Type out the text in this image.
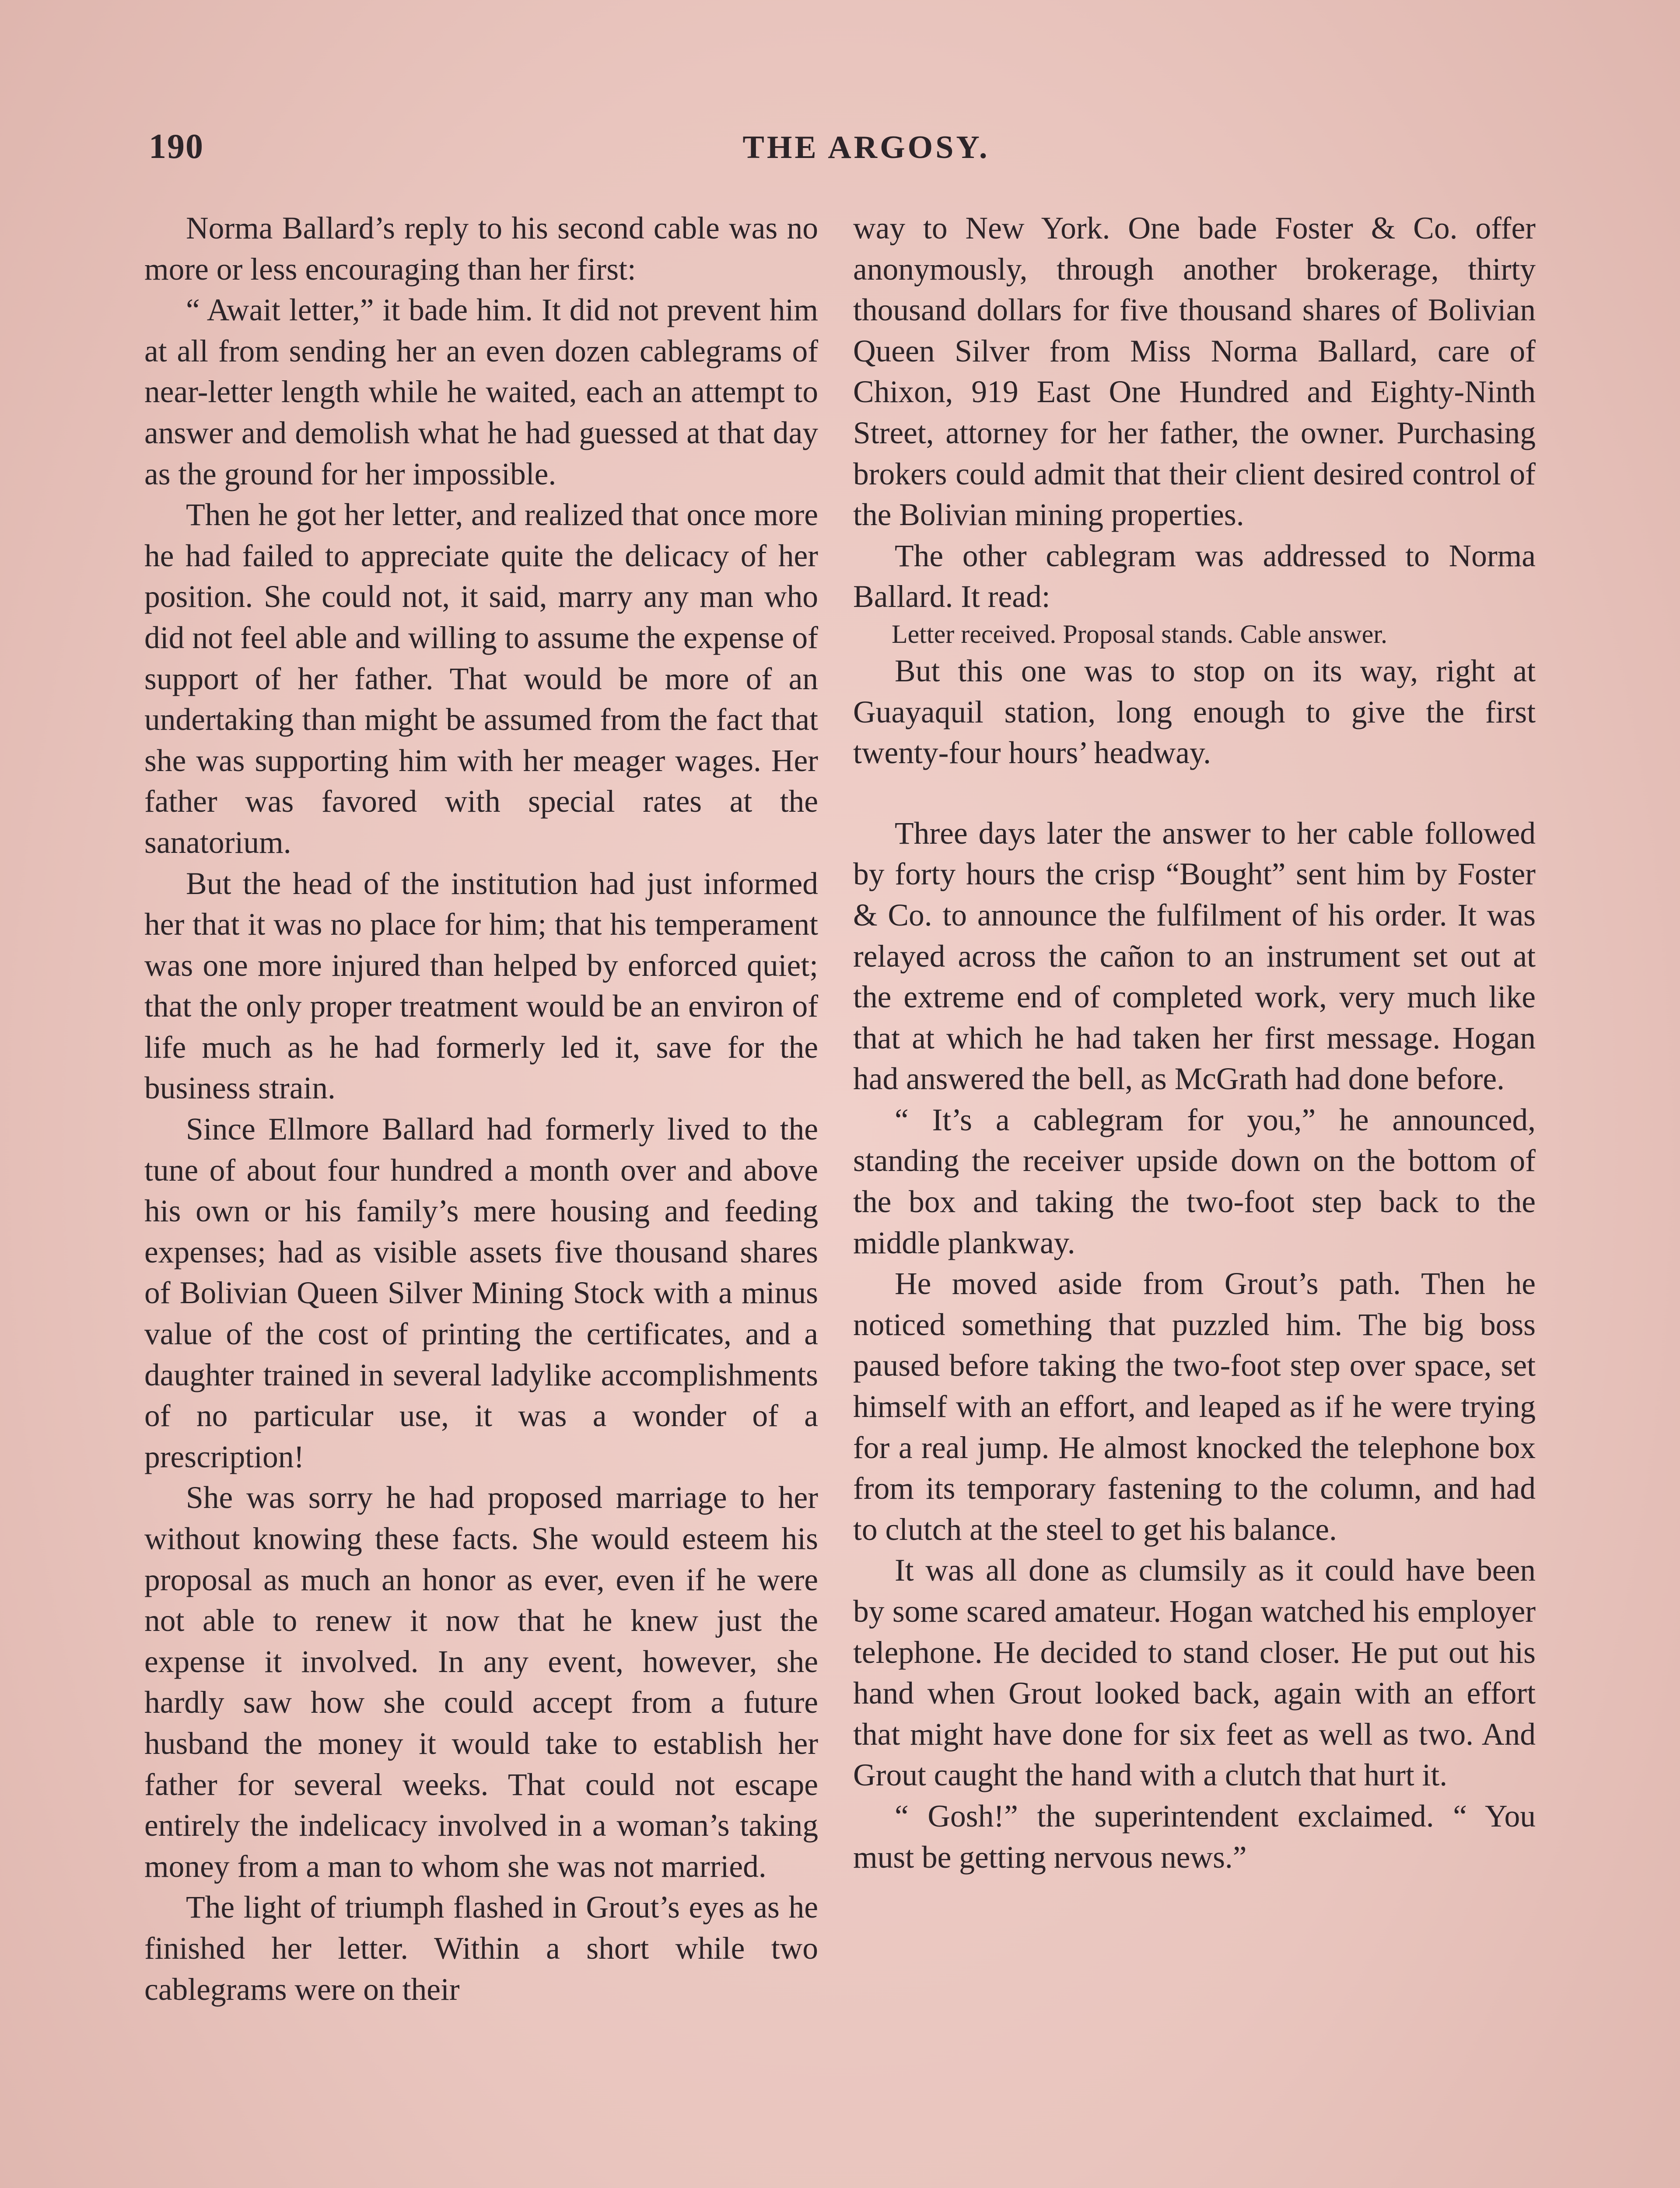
190	THE ARGOSY.

Norma Ballard’s reply to his second cable was no more or less encouraging than her first:

“ Await letter,” it bade him. It did not prevent him at all from sending her an even dozen cablegrams of near-letter length while he waited, each an attempt to answer and demolish what he had guessed at that day as the ground for her impossible.

Then he got her letter, and realized that once more he had failed to appreciate quite the delicacy of her position. She could not, it said, marry any man who did not feel able and willing to assume the expense of support of her father. That would be more of an undertaking than might be assumed from the fact that she was supporting him with her meager wages. Her father was favored with special rates at the sanatorium.

But the head of the institution had just informed her that it was no place for him; that his temperament was one more injured than helped by enforced quiet; that the only proper treatment would be an environ of life much as he had formerly led it, save for the business strain.

Since Ellmore Ballard had formerly lived to the tune of about four hundred a month over and above his own or his family’s mere housing and feeding expenses; had as visible assets five thousand shares of Bolivian Queen Silver Mining Stock with a minus value of the cost of printing the certificates, and a daughter trained in several ladylike accomplishments of no particular use, it was a wonder of a prescription!

She was sorry he had proposed marriage to her without knowing these facts. She would esteem his proposal as much an honor as ever, even if he were not able to renew it now that he knew just the expense it involved. In any event, however, she hardly saw how she could accept from a future husband the money it would take to establish her father for several weeks. That could not escape entirely the indelicacy involved in a woman’s taking money from a man to whom she was not married.

The light of triumph flashed in Grout’s eyes as he finished her letter. Within a short while two cablegrams were on their

way to New York. One bade Foster & Co. offer anonymously, through another brokerage, thirty thousand dollars for five thousand shares of Bolivian Queen Silver from Miss Norma Ballard, care of Chixon, 919 East One Hundred and Eighty-Ninth Street, attorney for her father, the owner. Purchasing brokers could admit that their client desired control of the Bolivian mining properties.

The other cablegram was addressed to Norma Ballard. It read:

Letter received. Proposal stands. Cable answer.

But this one was to stop on its way, right at Guayaquil station, long enough to give the first twenty-four hours’ headway.

Three days later the answer to her cable followed by forty hours the crisp “Bought” sent him by Foster & Co. to announce the fulfilment of his order. It was relayed across the cañon to an instrument set out at the extreme end of completed work, very much like that at which he had taken her first message. Hogan had answered the bell, as McGrath had done before.

“ It’s a cablegram for you,” he announced, standing the receiver upside down on the bottom of the box and taking the two-foot step back to the middle plankway.

He moved aside from Grout’s path. Then he noticed something that puzzled him. The big boss paused before taking the two-foot step over space, set himself with an effort, and leaped as if he were trying for a real jump. He almost knocked the telephone box from its temporary fastening to the column, and had to clutch at the steel to get his balance.

It was all done as clumsily as it could have been by some scared amateur. Hogan watched his employer telephone. He decided to stand closer. He put out his hand when Grout looked back, again with an effort that might have done for six feet as well as two. And Grout caught the hand with a clutch that hurt it.

“ Gosh!” the superintendent exclaimed. “ You must be getting nervous news.”
